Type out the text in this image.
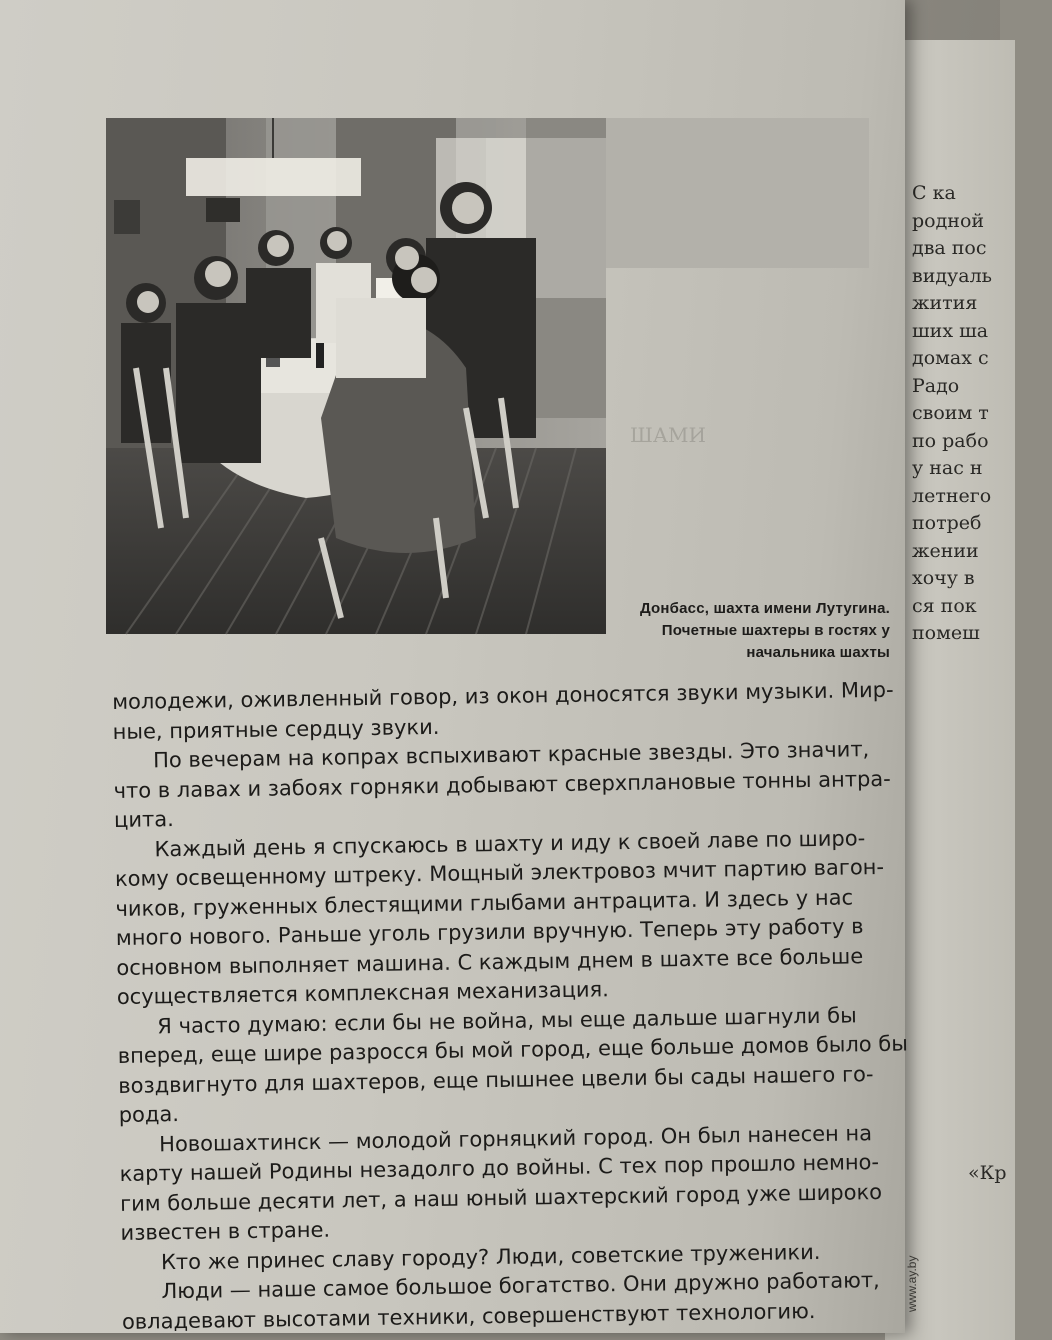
С ка
родной
два пос
видуаль
жития
ших ша
домах с
Радо
своим т
по рабо
у нас н
летнего
потреб
жении
хочу в
ся пок
помеш
«Кр
ШАМИ
Донбасс, шахта имени Лутугина.
Почетные шахтеры в гостях у
начальника шахты

молодежи, оживленный говор, из окон доносятся звуки музыки. Мир-
ные, приятные сердцу звуки.

По вечерам на копрах вспыхивают красные звезды. Это значит,
что в лавах и забоях горняки добывают сверхплановые тонны антра-
цита.

Каждый день я спускаюсь в шахту и иду к своей лаве по широ-
кому освещенному штреку. Мощный электровоз мчит партию вагон-
чиков, груженных блестящими глыбами антрацита. И здесь у нас
много нового. Раньше уголь грузили вручную. Теперь эту работу в
основном выполняет машина. С каждым днем в шахте все больше
осуществляется комплексная механизация.

Я часто думаю: если бы не война, мы еще дальше шагнули бы
вперед, еще шире разросся бы мой город, еще больше домов было бы
воздвигнуто для шахтеров, еще пышнее цвели бы сады нашего го-
рода.

Новошахтинск — молодой горняцкий город. Он был нанесен на
карту нашей Родины незадолго до войны. С тех пор прошло немно-
гим больше десяти лет, а наш юный шахтерский город уже широко
известен в стране.

Кто же принес славу городу? Люди, советские труженики.

Люди — наше самое большое богатство. Они дружно работают,
овладевают высотами техники, совершенствуют технологию.

www.ay.by
